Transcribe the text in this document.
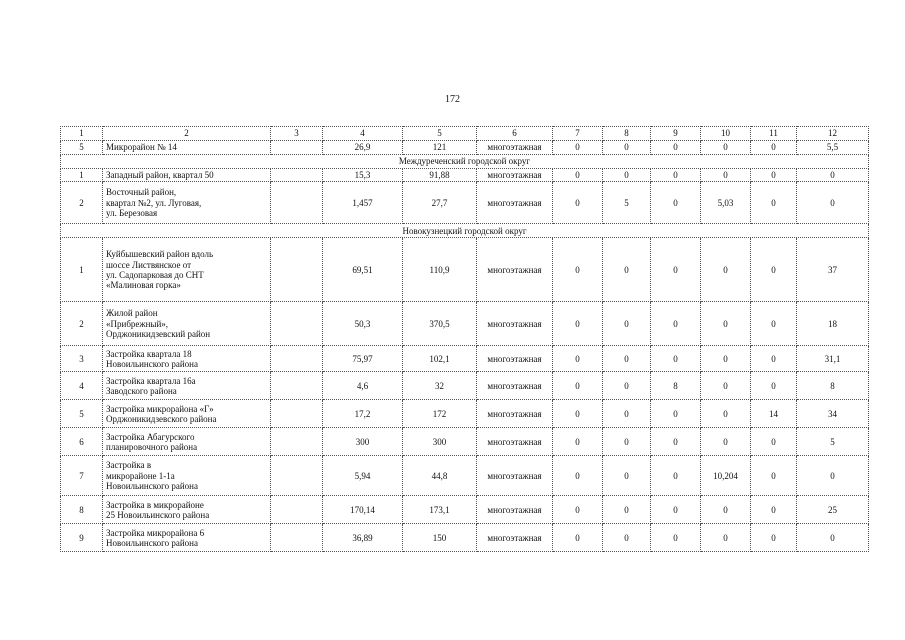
172
1	2	3	4	5	6	7	8	9	10	11	12
5	Микрорайон № 14		26,9	121	многоэтажная	0	0	0	0	0	5,5
Междуреченский городской округ											
1	Западный район, квартал 50		15,3	91,88	многоэтажная	0	0	0	0	0	0
2	Восточный район,
квартал №2, ул. Луговая,
ул. Березовая		1,457	27,7	многоэтажная	0	5	0	5,03	0	0
Новокузнецкий городской округ											
1	Куйбышевский район вдоль
шоссе Листвянское от
ул. Садопарковая до СНТ
«Малиновая горка»		69,51	110,9	многоэтажная	0	0	0	0	0	37
2	Жилой район
«Прибрежный»,
Орджоникидзевский район		50,3	370,5	многоэтажная	0	0	0	0	0	18
3	Застройка квартала 18
Новоильинского района		75,97	102,1	многоэтажная	0	0	0	0	0	31,1
4	Застройка квартала 16а
Заводского района		4,6	32	многоэтажная	0	0	8	0	0	8
5	Застройка микрорайона «Г»
Орджоникидзевского района		17,2	172	многоэтажная	0	0	0	0	14	34
6	Застройка Абагурского
планировочного района		300	300	многоэтажная	0	0	0	0	0	5
7	Застройка в
микрорайоне 1-1а
Новоильинского района		5,94	44,8	многоэтажная	0	0	0	10,204	0	0
8	Застройка в микрорайоне
25 Новоильинского района		170,14	173,1	многоэтажная	0	0	0	0	0	25
9	Застройка микрорайона 6
Новоильинского района		36,89	150	многоэтажная	0	0	0	0	0	0
